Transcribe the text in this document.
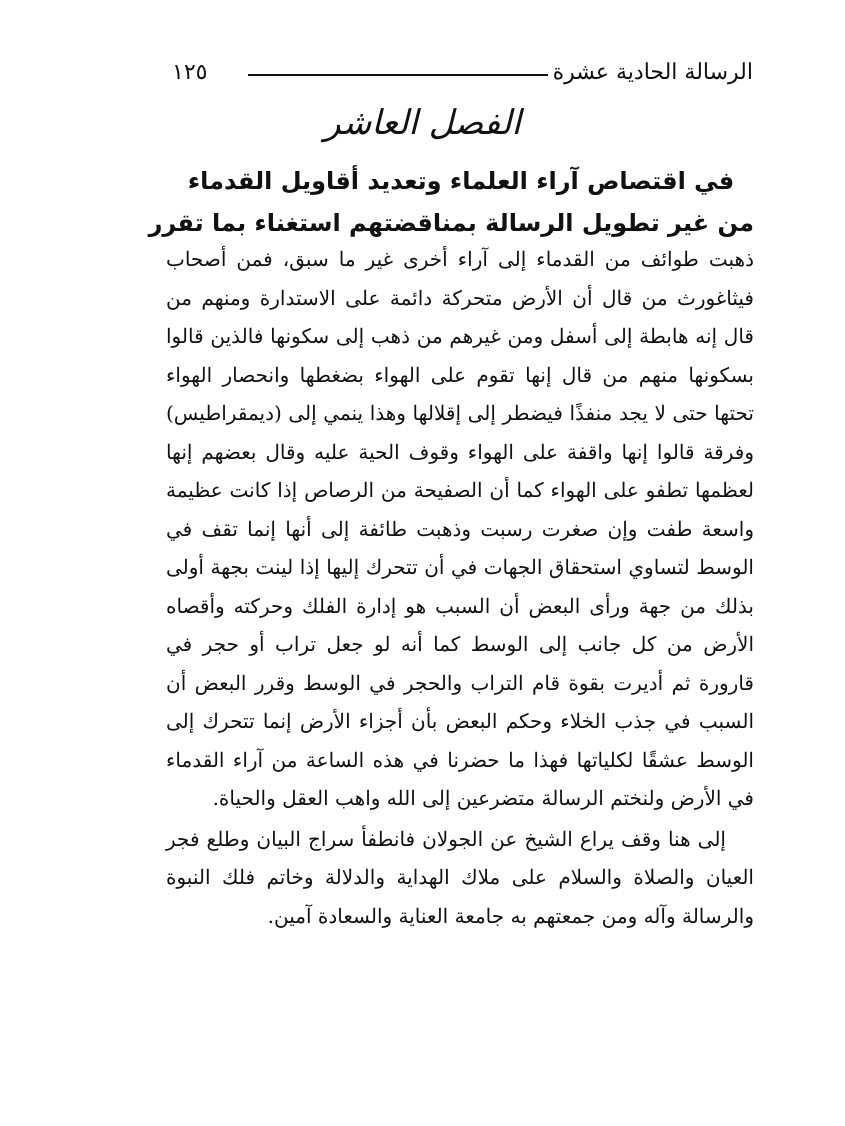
الرسالة الحادية عشرة
١٢٥
الفصل العاشر
في اقتصاص آراء العلماء وتعديد أقاويل القدماء
من غير تطويل الرسالة بمناقضتهم استغناء بما تقرر

ذهبت طوائف من القدماء إلى آراء أخرى غير ما سبق، فمن أصحاب فيثاغورث من قال أن الأرض متحركة دائمة على الاستدارة ومنهم من قال إنه هابطة إلى أسفل ومن غيرهم من ذهب إلى سكونها فالذين قالوا بسكونها منهم من قال إنها تقوم على الهواء بضغطها وانحصار الهواء تحتها حتى لا يجد منفذًا فيضطر إلى إقلالها وهذا ينمي إلى (ديمقراطيس) وفرقة قالوا إنها واقفة على الهواء وقوف الحية عليه وقال بعضهم إنها لعظمها تطفو على الهواء كما أن الصفيحة من الرصاص إذا كانت عظيمة واسعة طفت وإن صغرت رسبت وذهبت طائفة إلى أنها إنما تقف في الوسط لتساوي استحقاق الجهات في أن تتحرك إليها إذا لينت بجهة أولى بذلك من جهة ورأى البعض أن السبب هو إدارة الفلك وحركته وأقصاه الأرض من كل جانب إلى الوسط كما أنه لو جعل تراب أو حجر في قارورة ثم أديرت بقوة قام التراب والحجر في الوسط وقرر البعض أن السبب في جذب الخلاء وحكم البعض بأن أجزاء الأرض إنما تتحرك إلى الوسط عشقًا لكلياتها فهذا ما حضرنا في هذه الساعة من آراء القدماء في الأرض ولنختم الرسالة متضرعين إلى الله واهب العقل والحياة.

إلى هنا وقف يراع الشيخ عن الجولان فانطفأ سراج البيان وطلع فجر العيان والصلاة والسلام على ملاك الهداية والدلالة وخاتم فلك النبوة والرسالة وآله ومن جمعتهم به جامعة العناية والسعادة آمين.
